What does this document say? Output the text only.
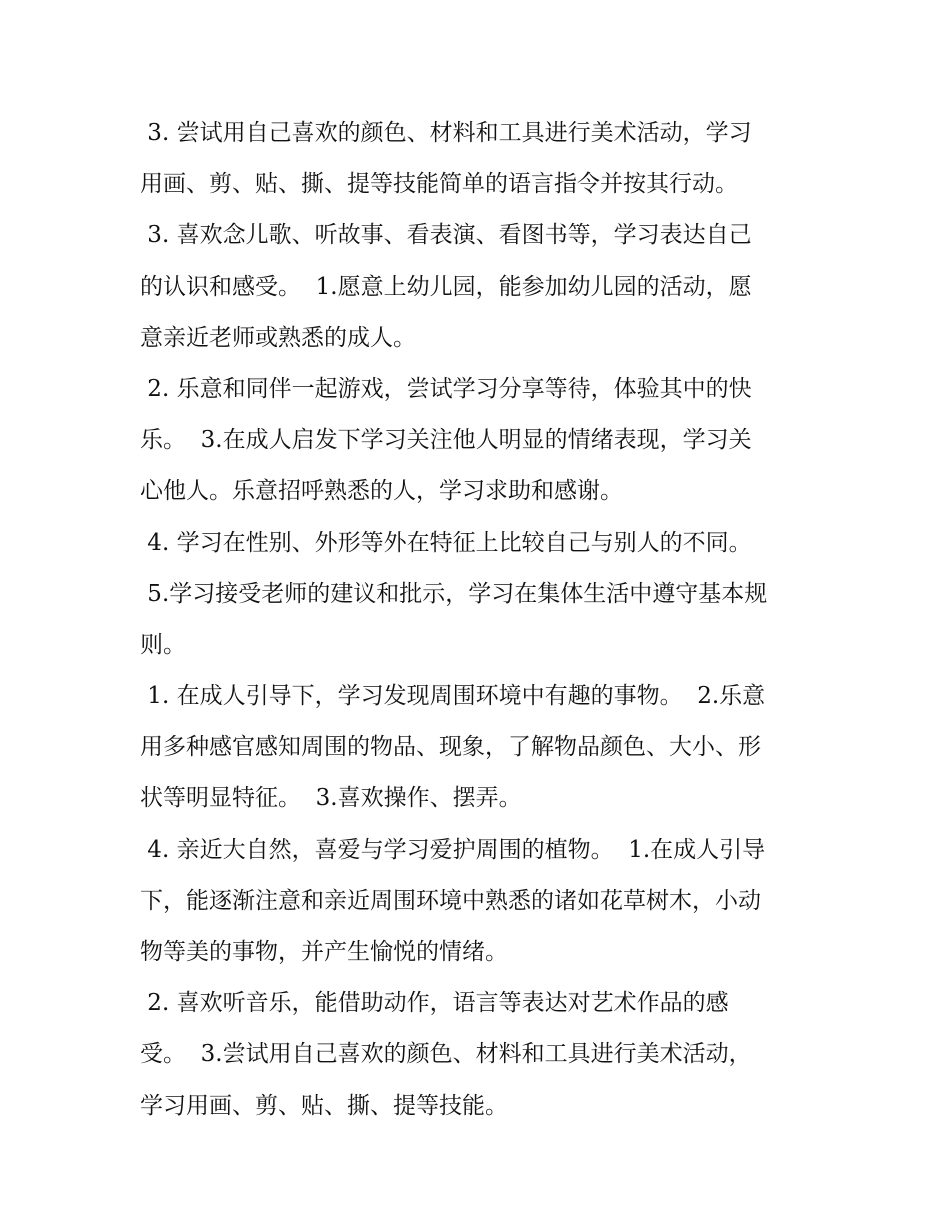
3. 尝试用自己喜欢的颜色、材料和工具进行美术活动，学习
用画、剪、贴、撕、提等技能简单的语言指令并按其行动。
3. 喜欢念儿歌、听故事、看表演、看图书等，学习表达自己
的认识和感受。  1.愿意上幼儿园，能参加幼儿园的活动，愿
意亲近老师或熟悉的成人。
2. 乐意和同伴一起游戏，尝试学习分享等待，体验其中的快
乐。  3.在成人启发下学习关注他人明显的情绪表现，学习关
心他人。乐意招呼熟悉的人，学习求助和感谢。
4. 学习在性别、外形等外在特征上比较自己与别人的不同。
5.学习接受老师的建议和批示，学习在集体生活中遵守基本规
则。
1. 在成人引导下，学习发现周围环境中有趣的事物。  2.乐意
用多种感官感知周围的物品、现象，了解物品颜色、大小、形
状等明显特征。  3.喜欢操作、摆弄。
4. 亲近大自然，喜爱与学习爱护周围的植物。  1.在成人引导
下，能逐渐注意和亲近周围环境中熟悉的诸如花草树木，小动
物等美的事物，并产生愉悦的情绪。
2. 喜欢听音乐，能借助动作，语言等表达对艺术作品的感
受。  3.尝试用自己喜欢的颜色、材料和工具进行美术活动，
学习用画、剪、贴、撕、提等技能。
